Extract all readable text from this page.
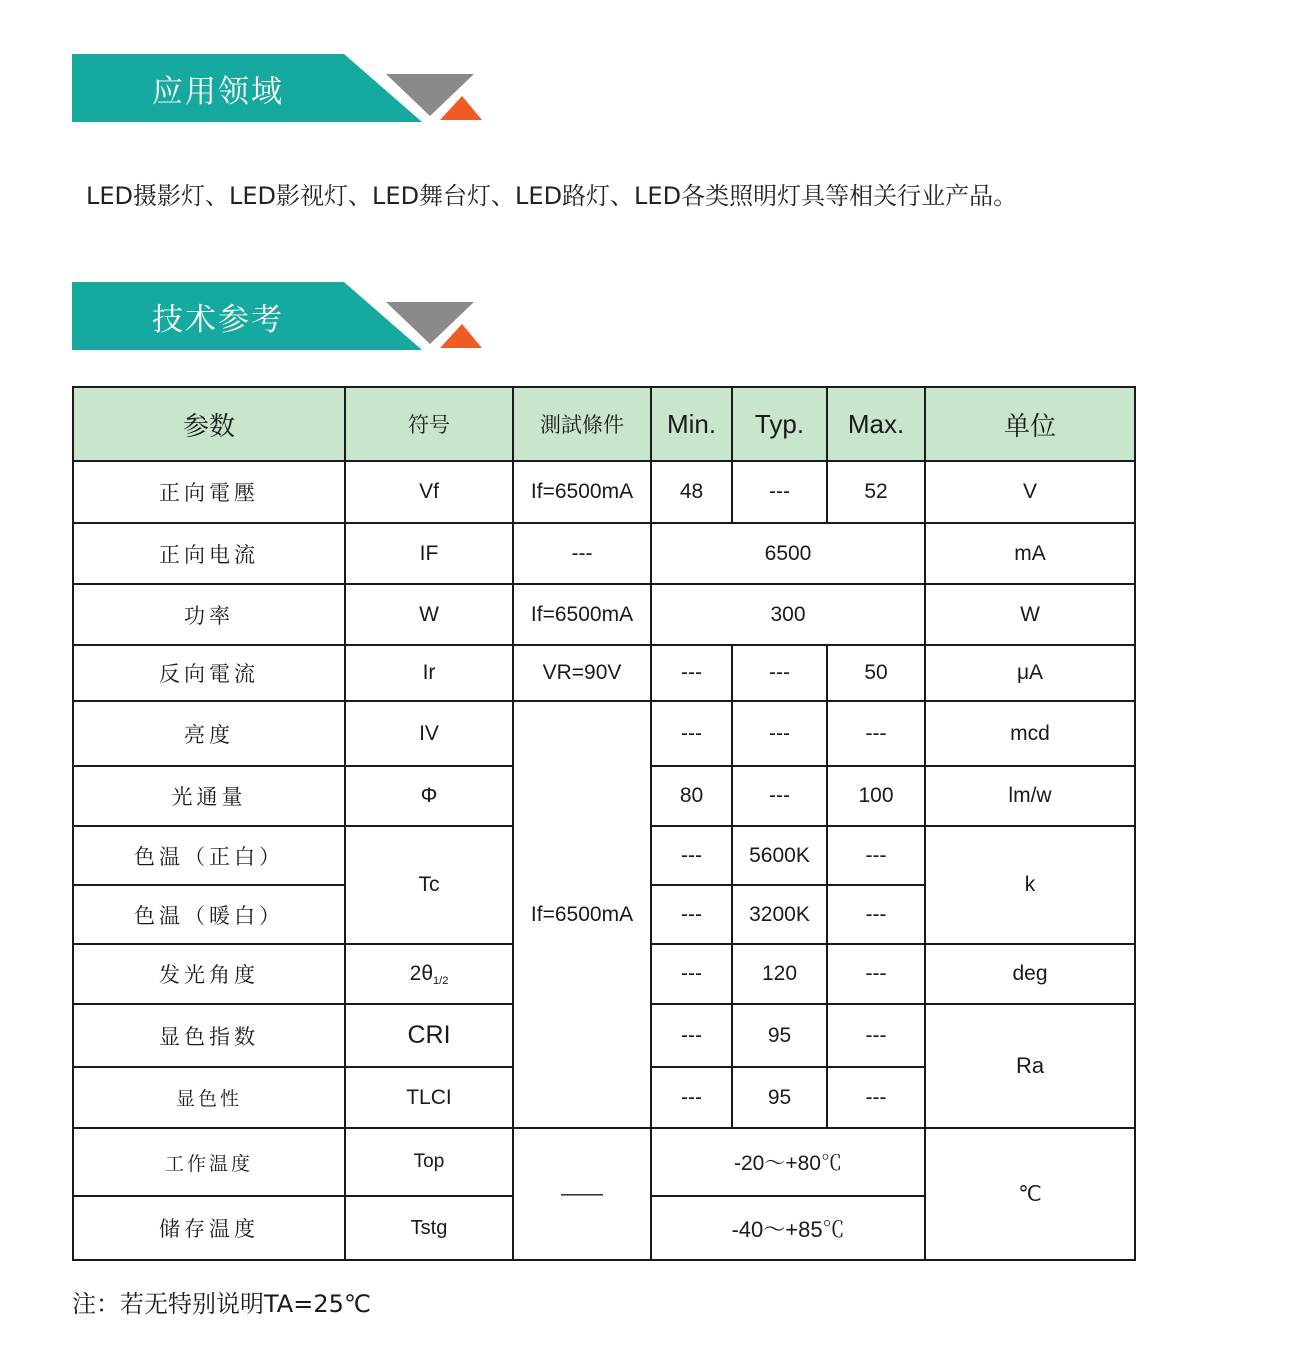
应用领域
LED摄影灯、LED影视灯、LED舞台灯、LED路灯、LED各类照明灯具等相关行业产品。
技术参考
参数	符号	測試條件	Min.	Typ.	Max.	单位
正向電壓	Vf	If=6500mA	48	---	52	V
正向电流	IF	---	6500			mA
功率	W	If=6500mA	300			W
反向電流	Ir	VR=90V	---	---	50	μA
亮度	IV	If=6500mA	---	---	---	mcd
光通量	Φ		80	---	100	lm/w
色温（正白）	Tc		---	5600K	---	k
色温（暖白）			---	3200K	---	
发光角度	$2\theta_{1/2}$		---	120	---	deg
显色指数	CRI		---	95	---	Ra
显色性	TLCI		---	95	---	
工作温度	Top	——	-20～+80℃			℃
储存温度	Tstg		-40～+85℃			
注：若无特别说明TA=25℃
